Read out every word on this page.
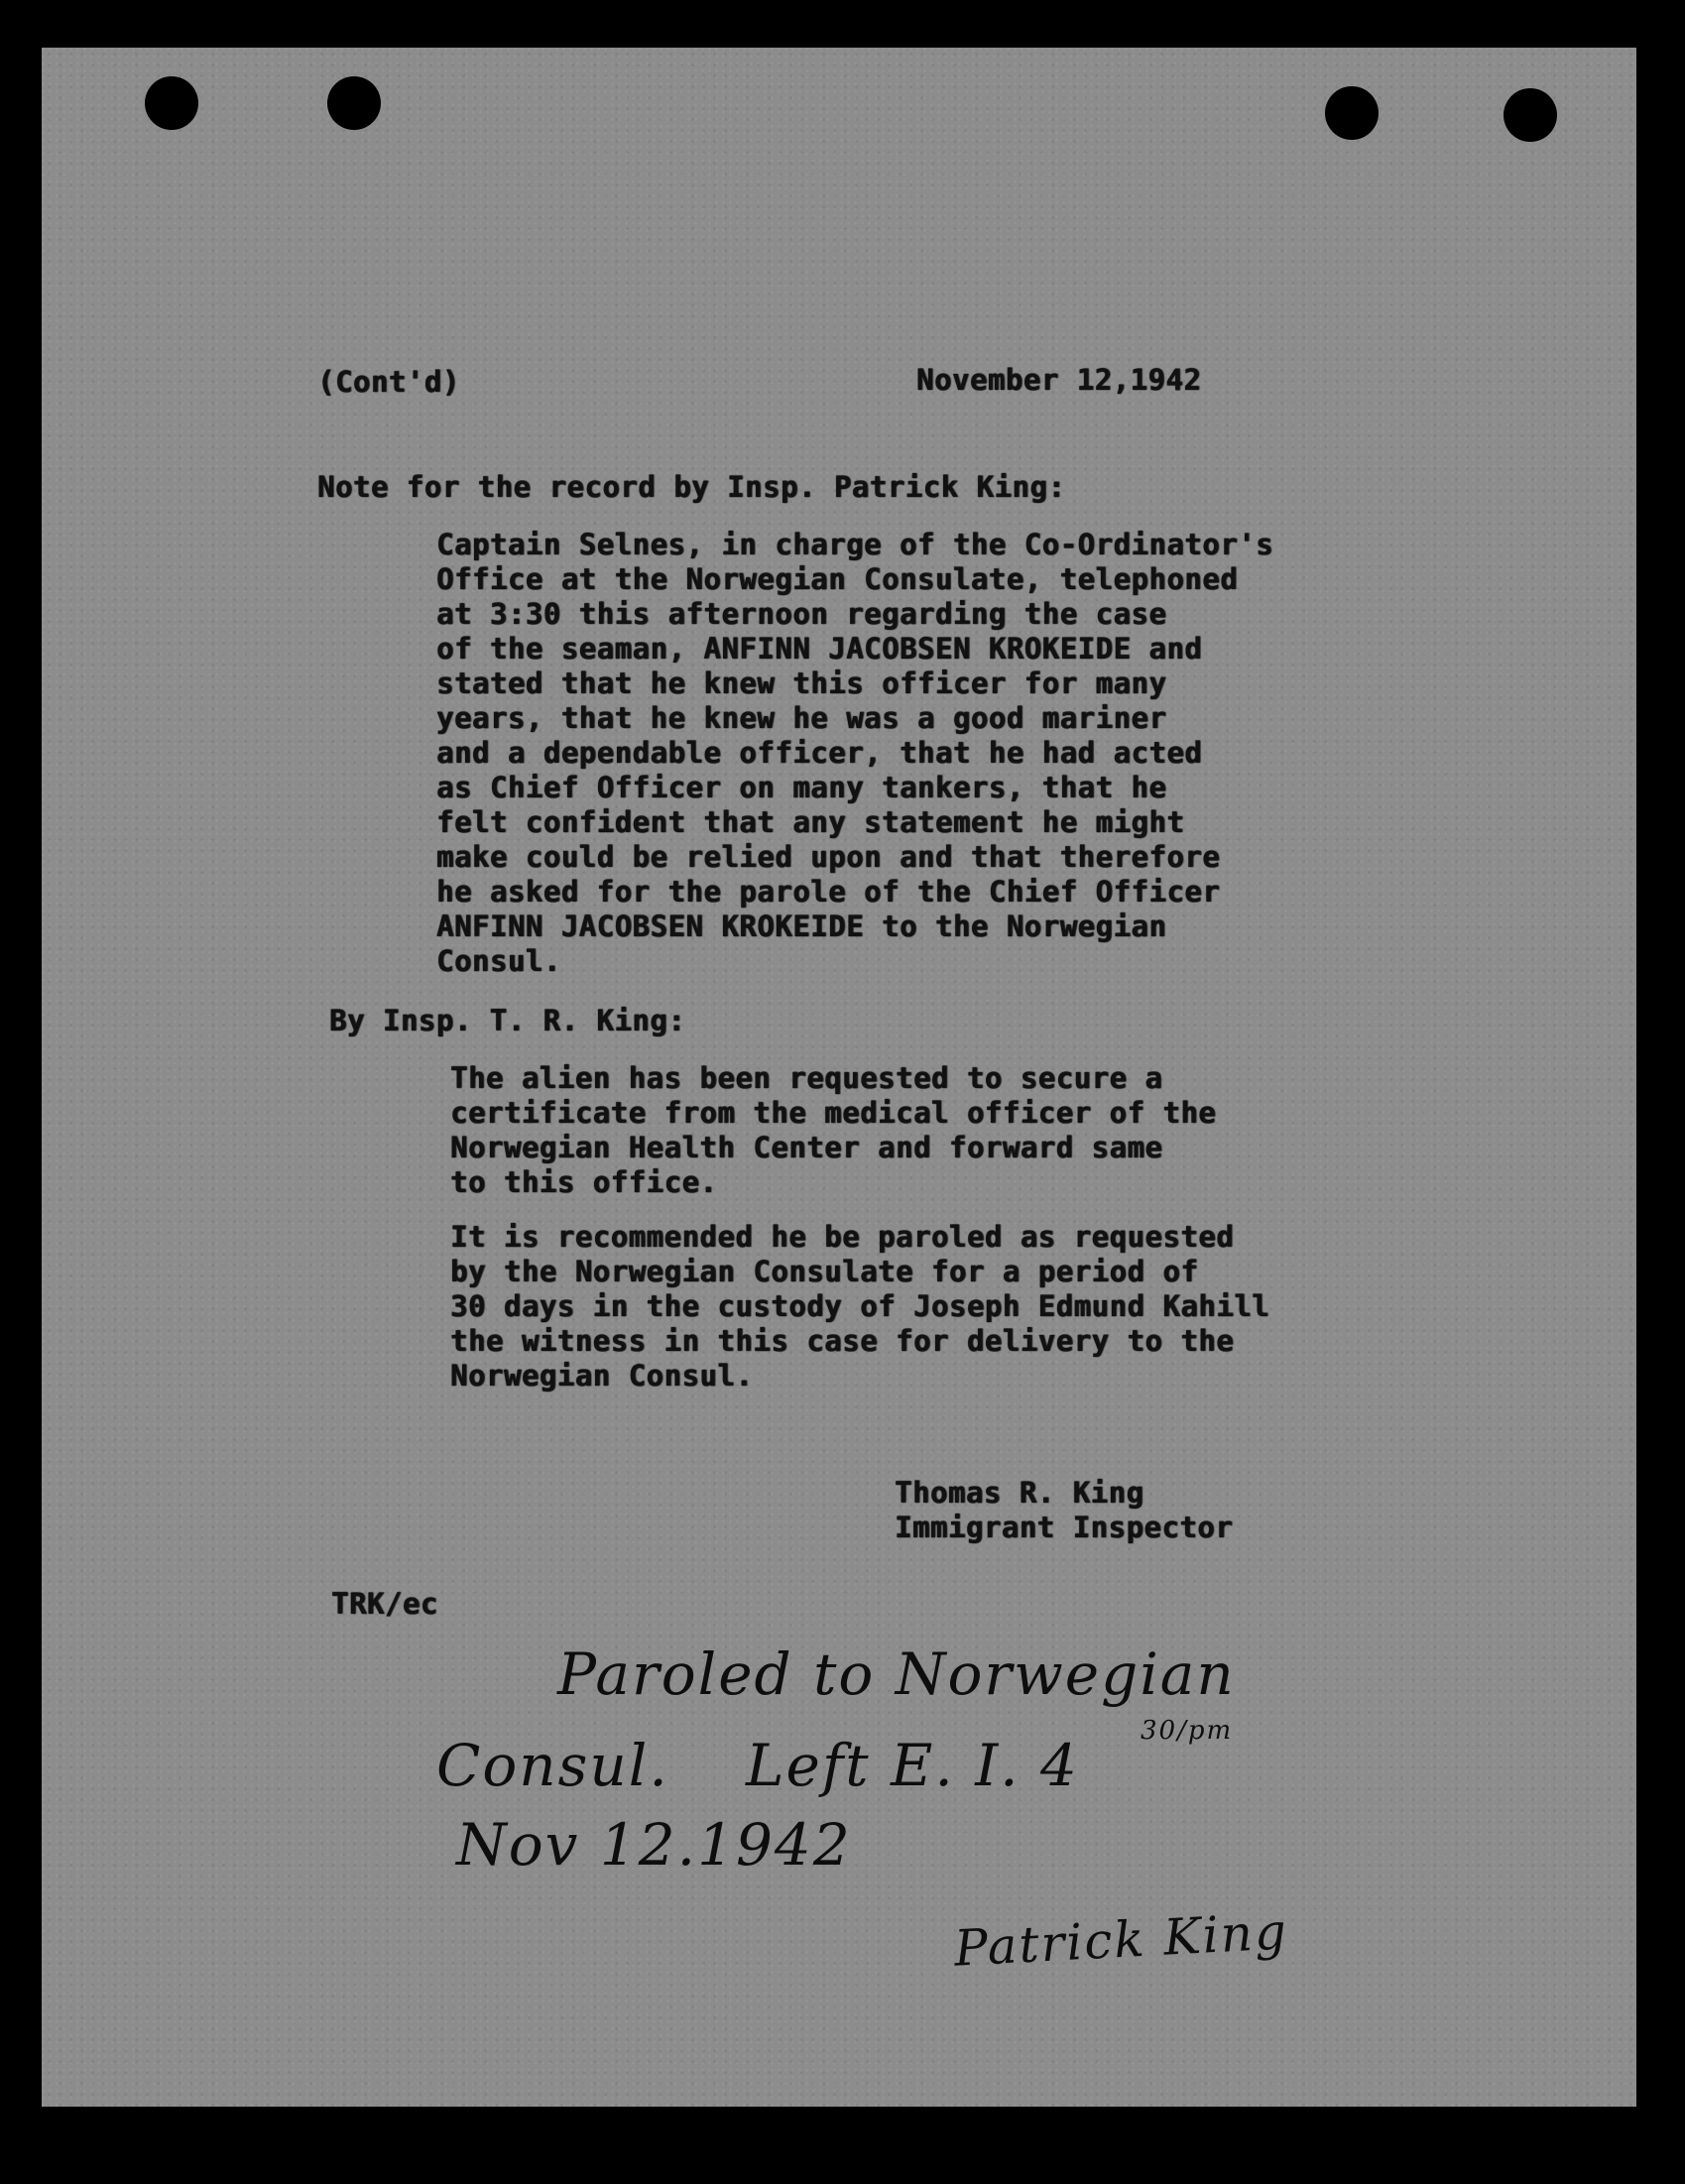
(Cont'd)	November 12,1942
Note for the record by Insp. Patrick King:
Captain Selnes, in charge of the Co-Ordinator's
Office at the Norwegian Consulate, telephoned
at 3:30 this afternoon regarding the case
of the seaman, ANFINN JACOBSEN KROKEIDE and
stated that he knew this officer for many
years, that he knew he was a good mariner
and a dependable officer, that he had acted
as Chief Officer on many tankers, that he
felt confident that any statement he might
make could be relied upon and that therefore
he asked for the parole of the Chief Officer
ANFINN JACOBSEN KROKEIDE to the Norwegian
Consul.
By Insp. T. R. King:
The alien has been requested to secure a
certificate from the medical officer of the
Norwegian Health Center and forward same
to this office.
It is recommended he be paroled as requested
by the Norwegian Consulate for a period of
30 days in the custody of Joseph Edmund Kahill
the witness in this case for delivery to the
Norwegian Consul.
Thomas R. King
Immigrant Inspector
TRK/ec
Paroled to Norwegian
Consul. Left E. I. 4
30/pm
Nov 12.1942
Patrick King
